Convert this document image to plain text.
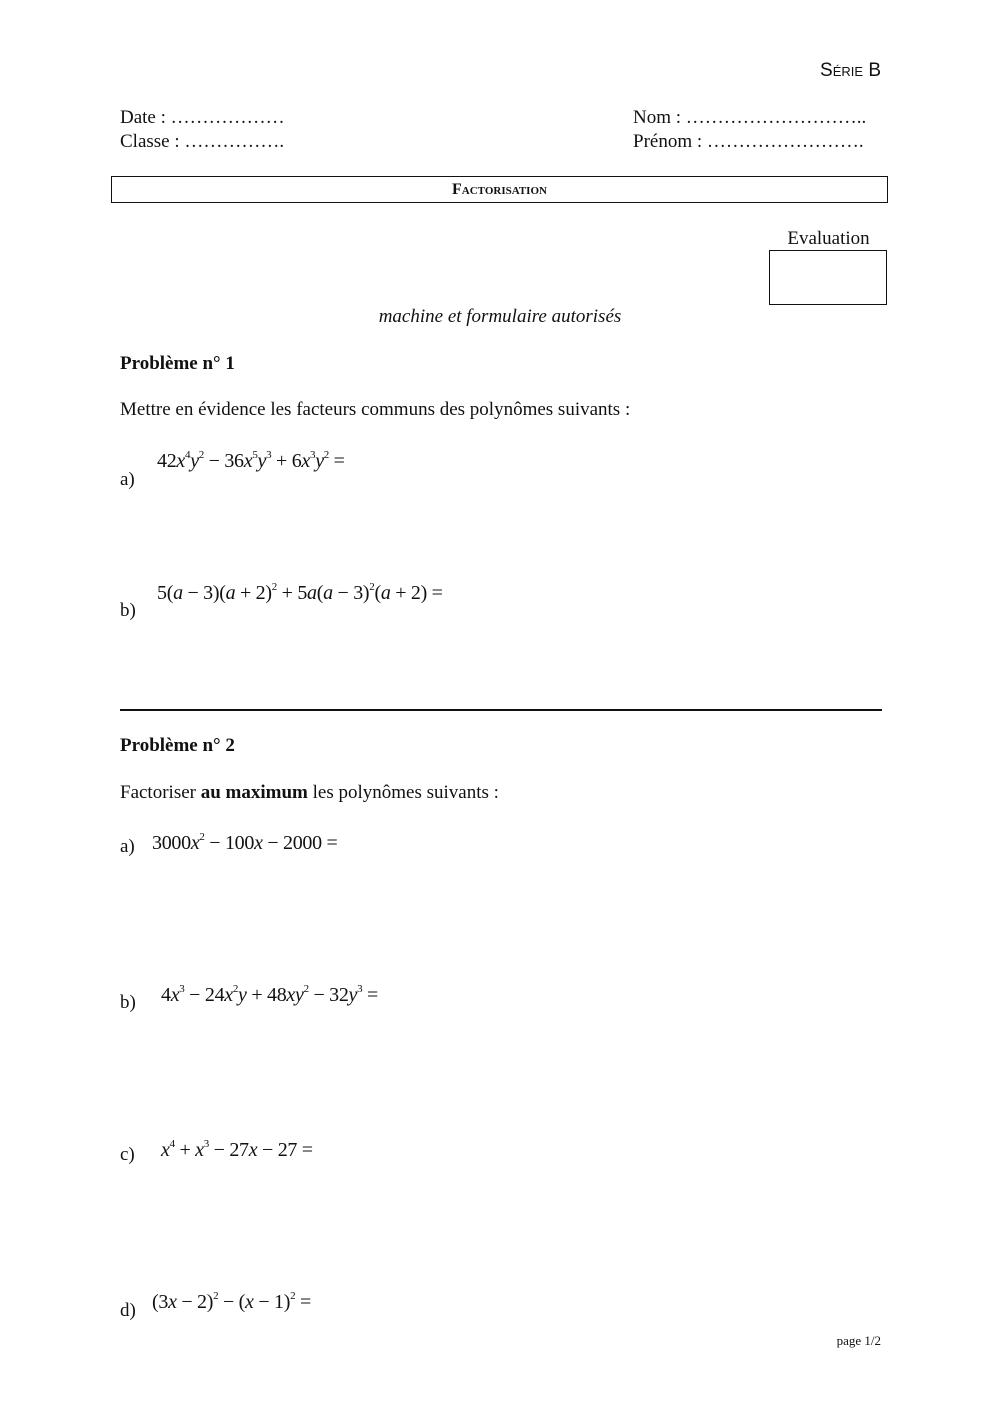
Série B
Date : ………………
Classe : …………….
Nom : ………………………..
Prénom : …………………….
Factorisation
Evaluation
machine et formulaire autorisés
Problème n° 1
Mettre en évidence les facteurs communs des polynômes suivants :
a)
$42x^4y^2 - 36x^5y^3 + 6x^3y^2$ =
b)
$5(a - 3)(a + 2)^2 + 5a(a - 3)^2(a + 2)$ =
Problème n° 2
Factoriser au maximum les polynômes suivants :
a) $3000x^2 - 100x - 2000$ =
b) $4x^3 - 24x^2y + 48xy^2 - 32y^3$ =
c) $x^4 + x^3 - 27x - 27$ =
d) $(3x - 2)^2 - (x - 1)^2$ =
page 1/2
